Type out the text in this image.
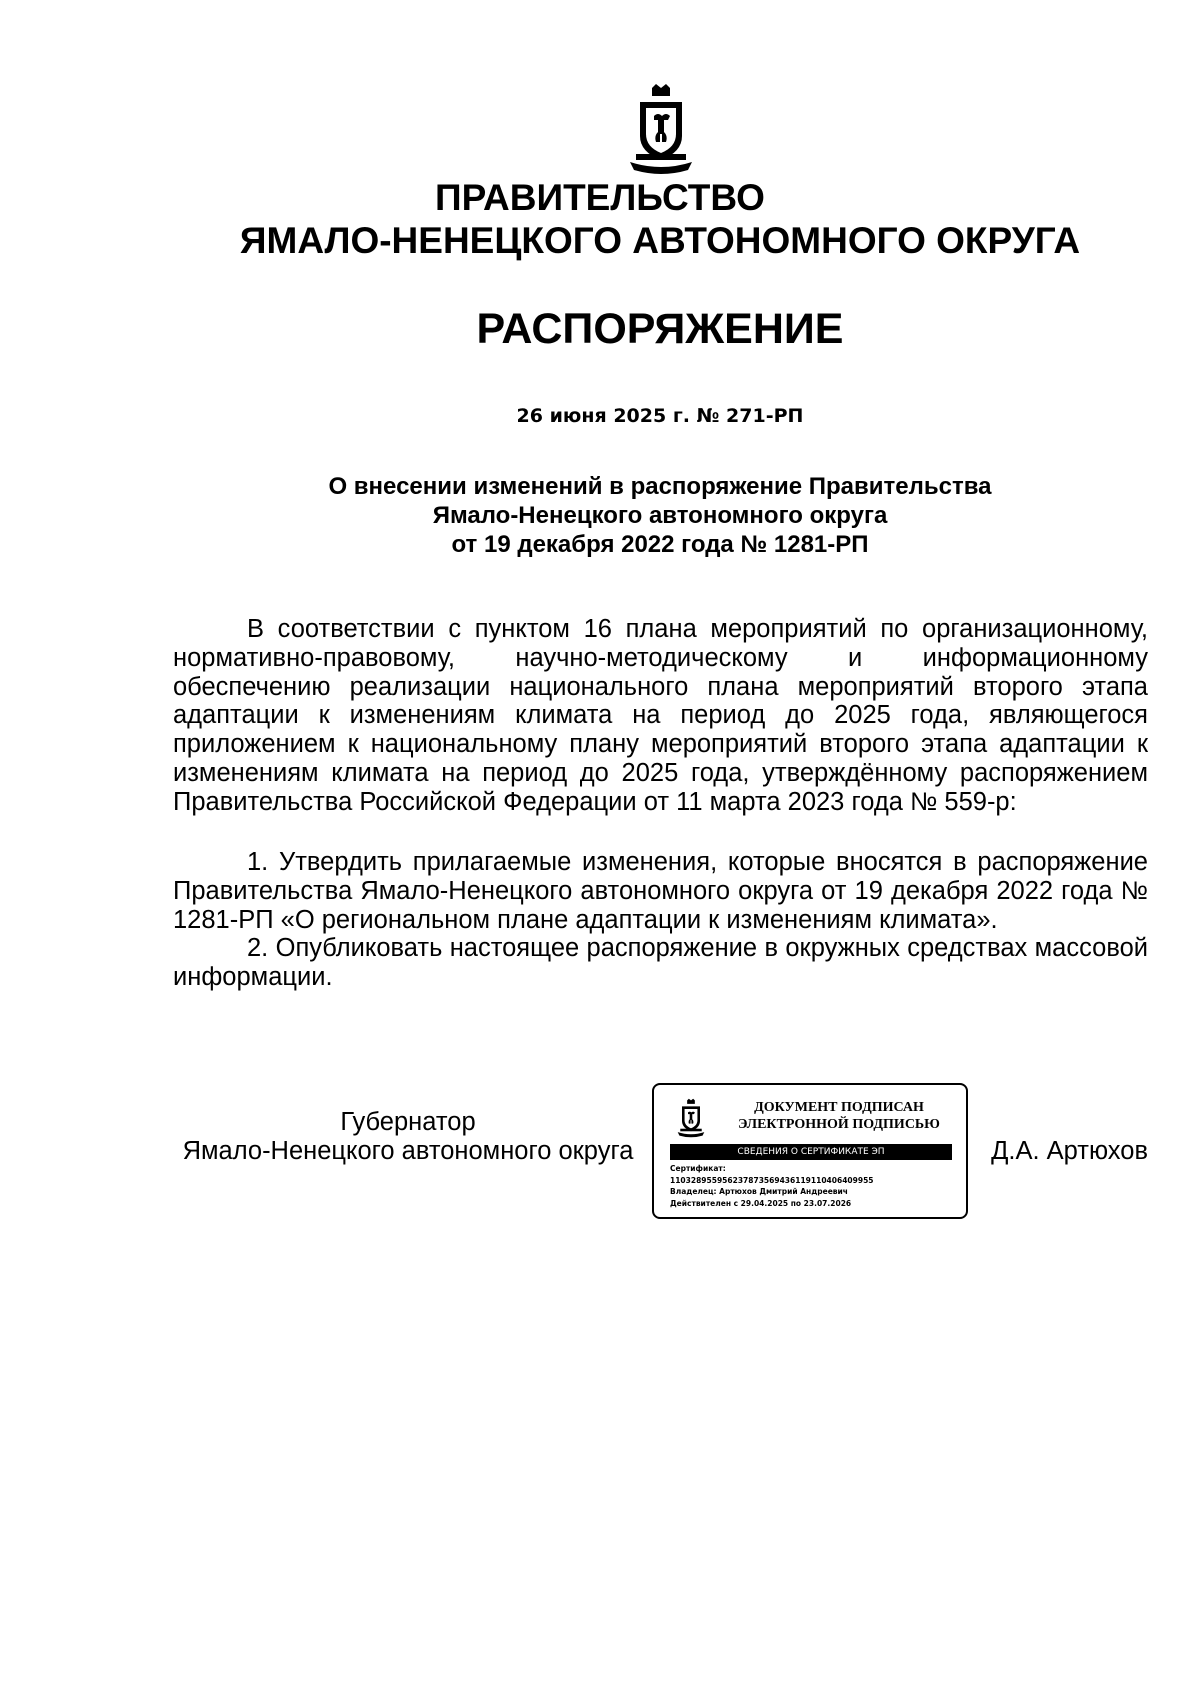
ПРАВИТЕЛЬСТВО

ЯМАЛО-НЕНЕЦКОГО АВТОНОМНОГО ОКРУГА

РАСПОРЯЖЕНИЕ

26 июня 2025 г. № 271-РП
О внесении изменений в распоряжение Правительства
Ямало-Ненецкого автономного округа
от 19 декабря 2022 года № 1281-РП
В соответствии с пунктом 16 плана мероприятий по организационному, нормативно-правовому, научно-методическому и информационному обеспечению реализации национального плана мероприятий второго этапа адаптации к изменениям климата на период до 2025 года, являющегося приложением к национальному плану мероприятий второго этапа адаптации к изменениям климата на период до 2025 года, утверждённому распоряжением Правительства Российской Федерации от 11 марта 2023 года № 559-р:

1. Утвердить прилагаемые изменения, которые вносятся в распоряжение Правительства Ямало-Ненецкого автономного округа от 19 декабря 2022 года № 1281-РП «О региональном плане адаптации к изменениям климата».

2. Опубликовать настоящее распоряжение в окружных средствах массовой информации.

Губернатор
Ямало-Ненецкого автономного округа
ДОКУМЕНТ ПОДПИСАН
ЭЛЕКТРОННОЙ ПОДПИСЬЮ
СВЕДЕНИЯ О СЕРТИФИКАТЕ ЭП
Сертификат:
110328955956237873569436119110406409955
Владелец: Артюхов Дмитрий Андреевич
Действителен с 29.04.2025 по 23.07.2026
Д.А. Артюхов
